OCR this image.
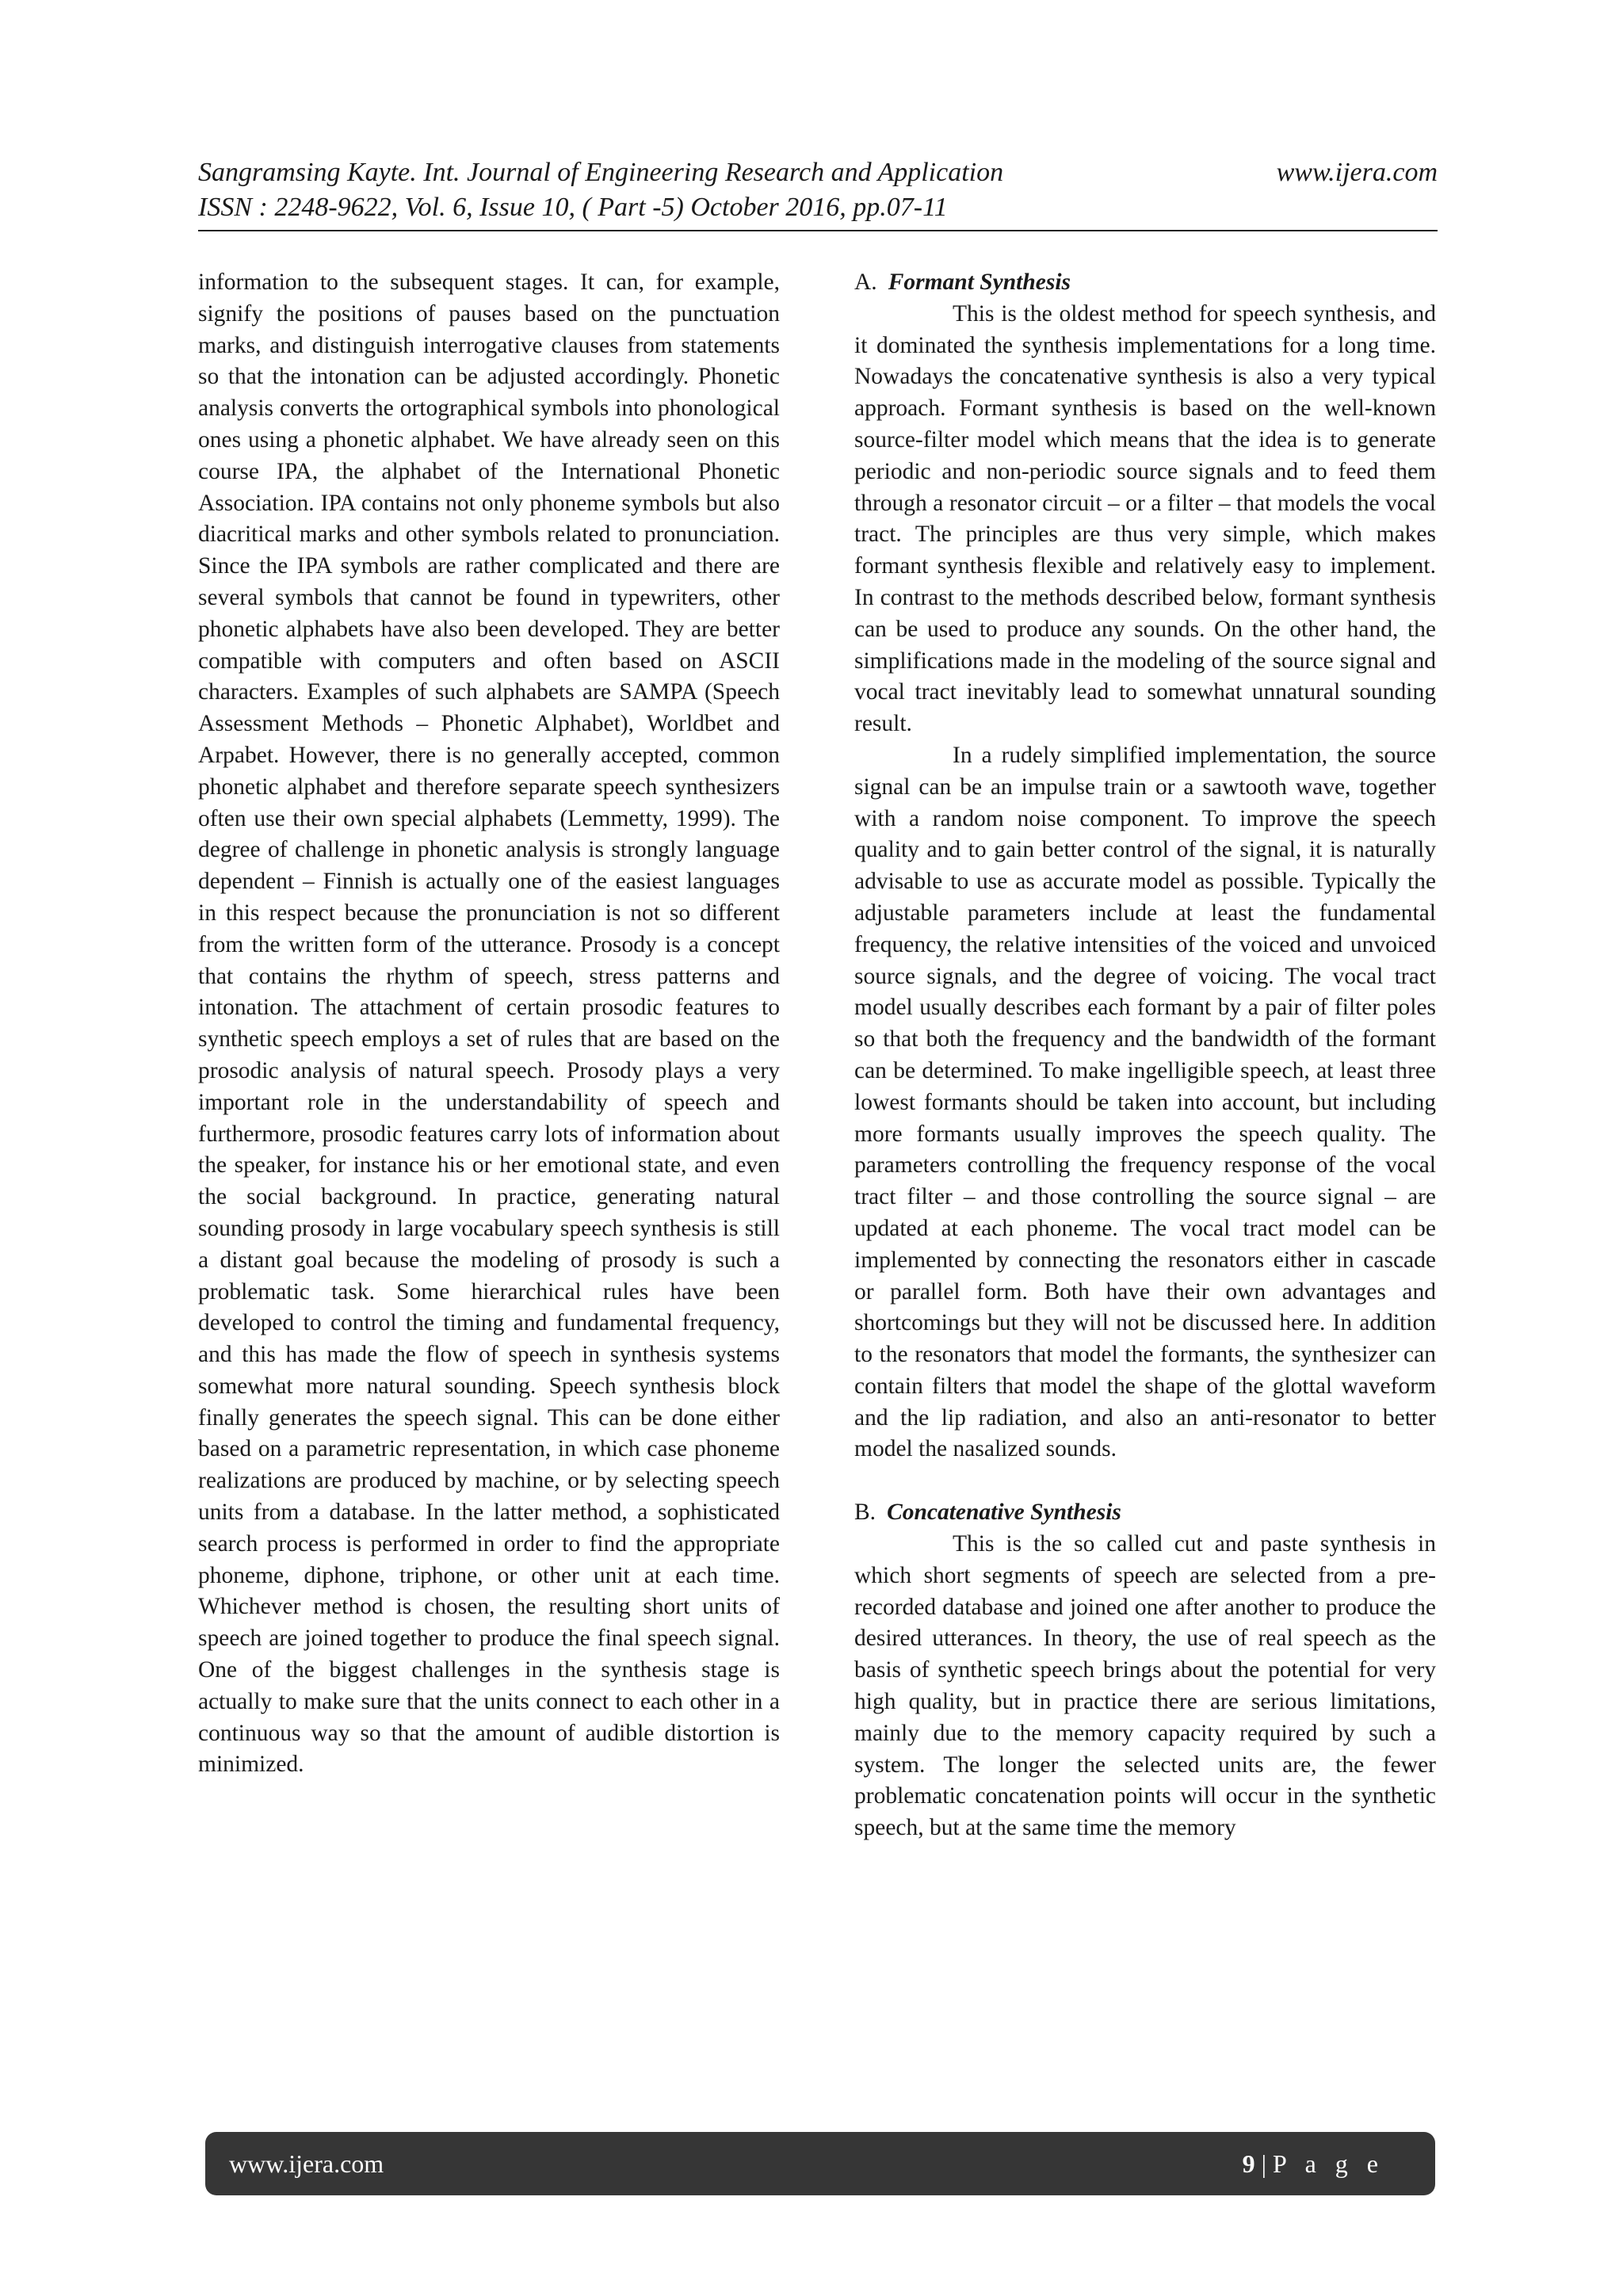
Sangramsing Kayte. Int. Journal of Engineering Research and Application	www.ijera.com
ISSN : 2248-9622, Vol. 6, Issue 10, ( Part -5) October 2016, pp.07-11

information to the subsequent stages. It can, for example, signify the positions of pauses based on the punctuation marks, and distinguish interrogative clauses from statements so that the intonation can be adjusted accordingly. Phonetic analysis converts the ortographical symbols into phonological ones using a phonetic alphabet. We have already seen on this course IPA, the alphabet of the International Phonetic Association. IPA contains not only phoneme symbols but also diacritical marks and other symbols related to pronunciation. Since the IPA symbols are rather complicated and there are several symbols that cannot be found in typewriters, other phonetic alphabets have also been developed. They are better compatible with computers and often based on ASCII characters. Examples of such alphabets are SAMPA (Speech Assessment Methods – Phonetic Alphabet), Worldbet and Arpabet. However, there is no generally accepted, common phonetic alphabet and therefore separate speech synthesizers often use their own special alphabets (Lemmetty, 1999). The degree of challenge in phonetic analysis is strongly language dependent – Finnish is actually one of the easiest languages in this respect because the pronunciation is not so different from the written form of the utterance. Prosody is a concept that contains the rhythm of speech, stress patterns and intonation. The attachment of certain prosodic features to synthetic speech employs a set of rules that are based on the prosodic analysis of natural speech. Prosody plays a very important role in the understandability of speech and furthermore, prosodic features carry lots of information about the speaker, for instance his or her emotional state, and even the social background. In practice, generating natural sounding prosody in large vocabulary speech synthesis is still a distant goal because the modeling of prosody is such a problematic task. Some hierarchical rules have been developed to control the timing and fundamental frequency, and this has made the flow of speech in synthesis systems somewhat more natural sounding. Speech synthesis block finally generates the speech signal. This can be done either based on a parametric representation, in which case phoneme realizations are produced by machine, or by selecting speech units from a database. In the latter method, a sophisticated search process is performed in order to find the appropriate phoneme, diphone, triphone, or other unit at each time. Whichever method is chosen, the resulting short units of speech are joined together to produce the final speech signal. One of the biggest challenges in the synthesis stage is actually to make sure that the units connect to each other in a continuous way so that the amount of audible distortion is minimized.

A. Formant Synthesis

This is the oldest method for speech synthesis, and it dominated the synthesis implementations for a long time. Nowadays the concatenative synthesis is also a very typical approach. Formant synthesis is based on the well-known source-filter model which means that the idea is to generate periodic and non-periodic source signals and to feed them through a resonator circuit – or a filter – that models the vocal tract. The principles are thus very simple, which makes formant synthesis flexible and relatively easy to implement. In contrast to the methods described below, formant synthesis can be used to produce any sounds. On the other hand, the simplifications made in the modeling of the source signal and vocal tract inevitably lead to somewhat unnatural sounding result.

In a rudely simplified implementation, the source signal can be an impulse train or a sawtooth wave, together with a random noise component. To improve the speech quality and to gain better control of the signal, it is naturally advisable to use as accurate model as possible. Typically the adjustable parameters include at least the fundamental frequency, the relative intensities of the voiced and unvoiced source signals, and the degree of voicing. The vocal tract model usually describes each formant by a pair of filter poles so that both the frequency and the bandwidth of the formant can be determined. To make ingelligible speech, at least three lowest formants should be taken into account, but including more formants usually improves the speech quality. The parameters controlling the frequency response of the vocal tract filter – and those controlling the source signal – are updated at each phoneme. The vocal tract model can be implemented by connecting the resonators either in cascade or parallel form. Both have their own advantages and shortcomings but they will not be discussed here. In addition to the resonators that model the formants, the synthesizer can contain filters that model the shape of the glottal waveform and the lip radiation, and also an anti-resonator to better model the nasalized sounds.

B. Concatenative Synthesis

This is the so called cut and paste synthesis in which short segments of speech are selected from a pre-recorded database and joined one after another to produce the desired utterances. In theory, the use of real speech as the basis of synthetic speech brings about the potential for very high quality, but in practice there are serious limitations, mainly due to the memory capacity required by such a system. The longer the selected units are, the fewer problematic concatenation points will occur in the synthetic speech, but at the same time the memory

www.ijera.com	9 | P a g e
